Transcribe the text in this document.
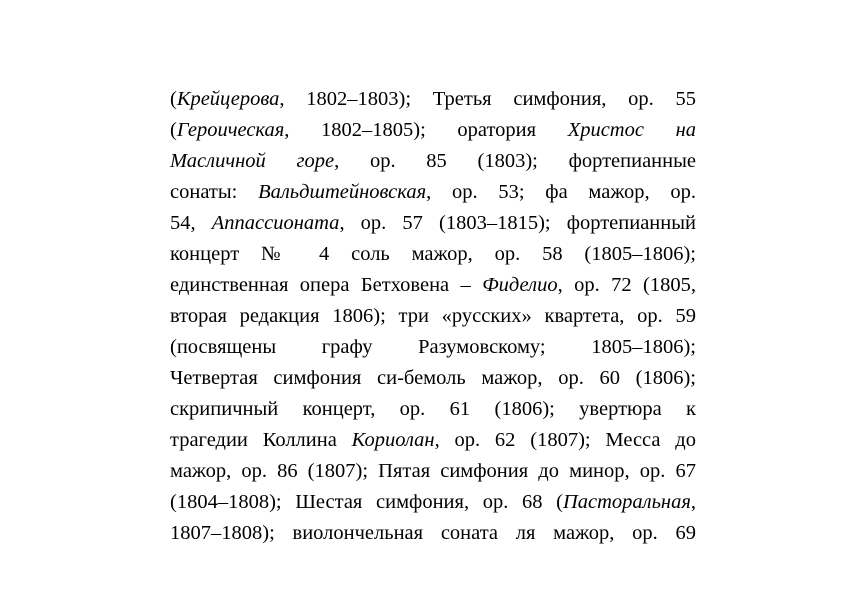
(Крейцерова, 1802–1803); Третья симфония, ор. 55
(Героическая, 1802–1805); оратория Христос на
Масличной горе, ор. 85 (1803); фортепианные
сонаты: Вальдштейновская, ор. 53; фа мажор, ор.
54, Аппассионата, ор. 57 (1803–1815); фортепианный
концерт № 4 соль мажор, ор. 58 (1805–1806);
единственная опера Бетховена – Фиделио, ор. 72 (1805,
вторая редакция 1806); три «русских» квартета, ор. 59
(посвящены графу Разумовскому; 1805–1806);
Четвертая симфония си-бемоль мажор, ор. 60 (1806);
скрипичный концерт, ор. 61 (1806); увертюра к
трагедии Коллина Кориолан, ор. 62 (1807); Месса до
мажор, ор. 86 (1807); Пятая симфония до минор, ор. 67
(1804–1808); Шестая симфония, ор. 68 (Пасторальная,
1807–1808); виолончельная соната ля мажор, ор. 69
